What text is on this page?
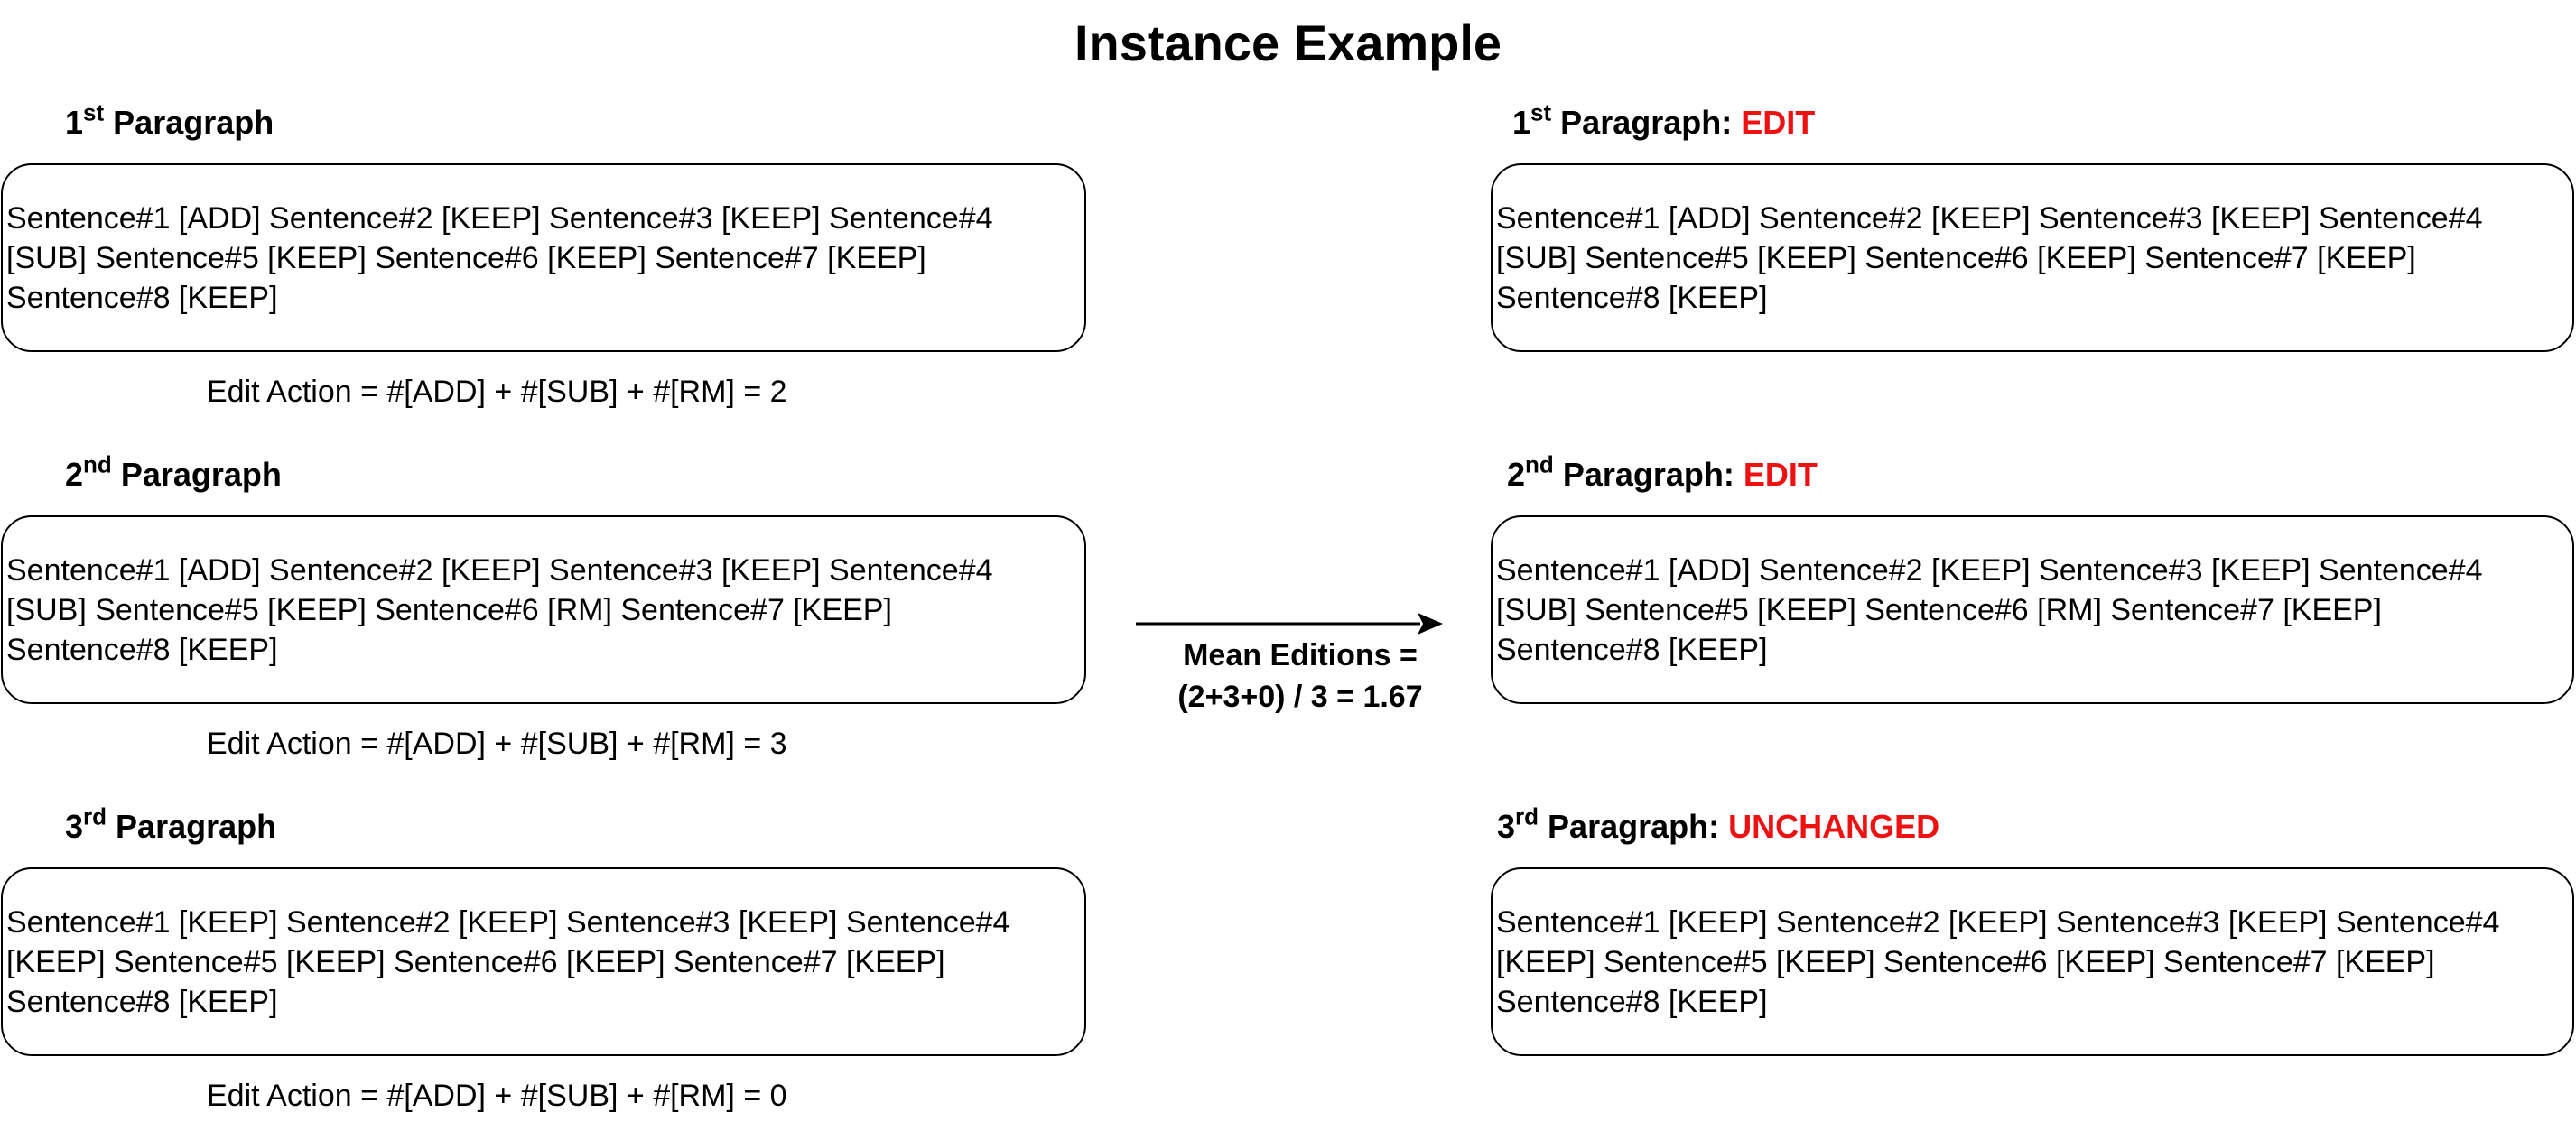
Instance Example
1st Paragraph
Sentence#1 [ADD] Sentence#2 [KEEP] Sentence#3 [KEEP] Sentence#4
[SUB] Sentence#5 [KEEP] Sentence#6 [KEEP] Sentence#7 [KEEP]
Sentence#8 [KEEP]
Edit Action = #[ADD] + #[SUB] + #[RM] = 2
2nd Paragraph
Sentence#1 [ADD] Sentence#2 [KEEP] Sentence#3 [KEEP] Sentence#4
[SUB] Sentence#5 [KEEP] Sentence#6 [RM] Sentence#7 [KEEP]
Sentence#8 [KEEP]
Edit Action = #[ADD] + #[SUB] + #[RM] = 3
3rd Paragraph
Sentence#1 [KEEP] Sentence#2 [KEEP] Sentence#3 [KEEP] Sentence#4
[KEEP] Sentence#5 [KEEP] Sentence#6 [KEEP] Sentence#7 [KEEP]
Sentence#8 [KEEP]
Edit Action = #[ADD] + #[SUB] + #[RM] = 0
Mean Editions =
(2+3+0) / 3 = 1.67
1st Paragraph: EDIT
Sentence#1 [ADD] Sentence#2 [KEEP] Sentence#3 [KEEP] Sentence#4
[SUB] Sentence#5 [KEEP] Sentence#6 [KEEP] Sentence#7 [KEEP]
Sentence#8 [KEEP]
2nd Paragraph: EDIT
Sentence#1 [ADD] Sentence#2 [KEEP] Sentence#3 [KEEP] Sentence#4
[SUB] Sentence#5 [KEEP] Sentence#6 [RM] Sentence#7 [KEEP]
Sentence#8 [KEEP]
3rd Paragraph: UNCHANGED
Sentence#1 [KEEP] Sentence#2 [KEEP] Sentence#3 [KEEP] Sentence#4
[KEEP] Sentence#5 [KEEP] Sentence#6 [KEEP] Sentence#7 [KEEP]
Sentence#8 [KEEP]
